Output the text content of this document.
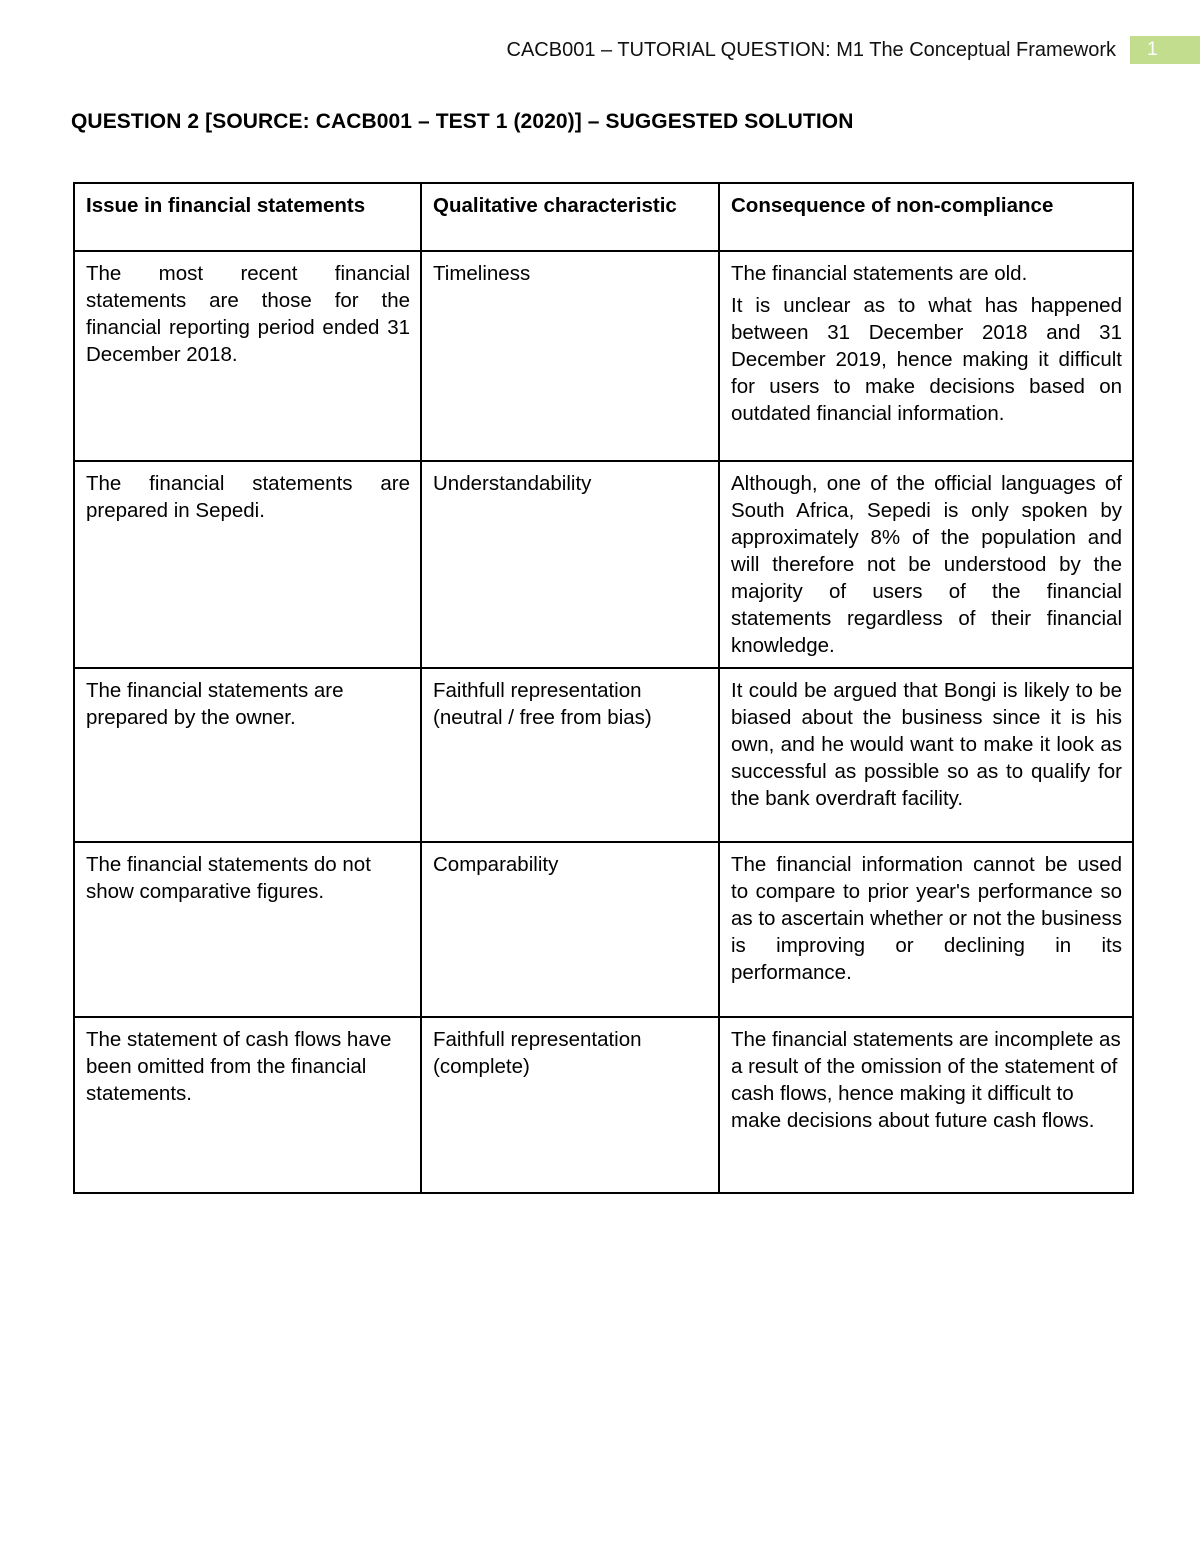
CACB001 – TUTORIAL QUESTION: M1 The Conceptual Framework	1
QUESTION 2 [SOURCE: CACB001 – TEST 1 (2020)] – SUGGESTED SOLUTION
Issue in financial statements	Qualitative characteristic	Consequence of non-compliance
The most recent financial statements are those for the financial reporting period ended 31 December 2018.	Timeliness	The financial statements are old.

It is unclear as to what has happened between 31 December 2018 and 31 December 2019, hence making it difficult for users to make decisions based on outdated financial information.

The financial statements are prepared in Sepedi.	Understandability	Although, one of the official languages of South Africa, Sepedi is only spoken by approximately 8% of the population and will therefore not be understood by the majority of users of the financial statements regardless of their financial knowledge.

The financial statements are prepared by the owner.	Faithfull representation (neutral / free from bias)	It could be argued that Bongi is likely to be biased about the business since it is his own, and he would want to make it look as successful as possible so as to qualify for the bank overdraft facility.

The financial statements do not show comparative figures.	Comparability	The financial information cannot be used to compare to prior year's performance so as to ascertain whether or not the business is improving or declining in its performance.

The statement of cash flows have been omitted from the financial statements.	Faithfull representation (complete)	The financial statements are incomplete as a result of the omission of the statement of cash flows, hence making it difficult to make decisions about future cash flows.
